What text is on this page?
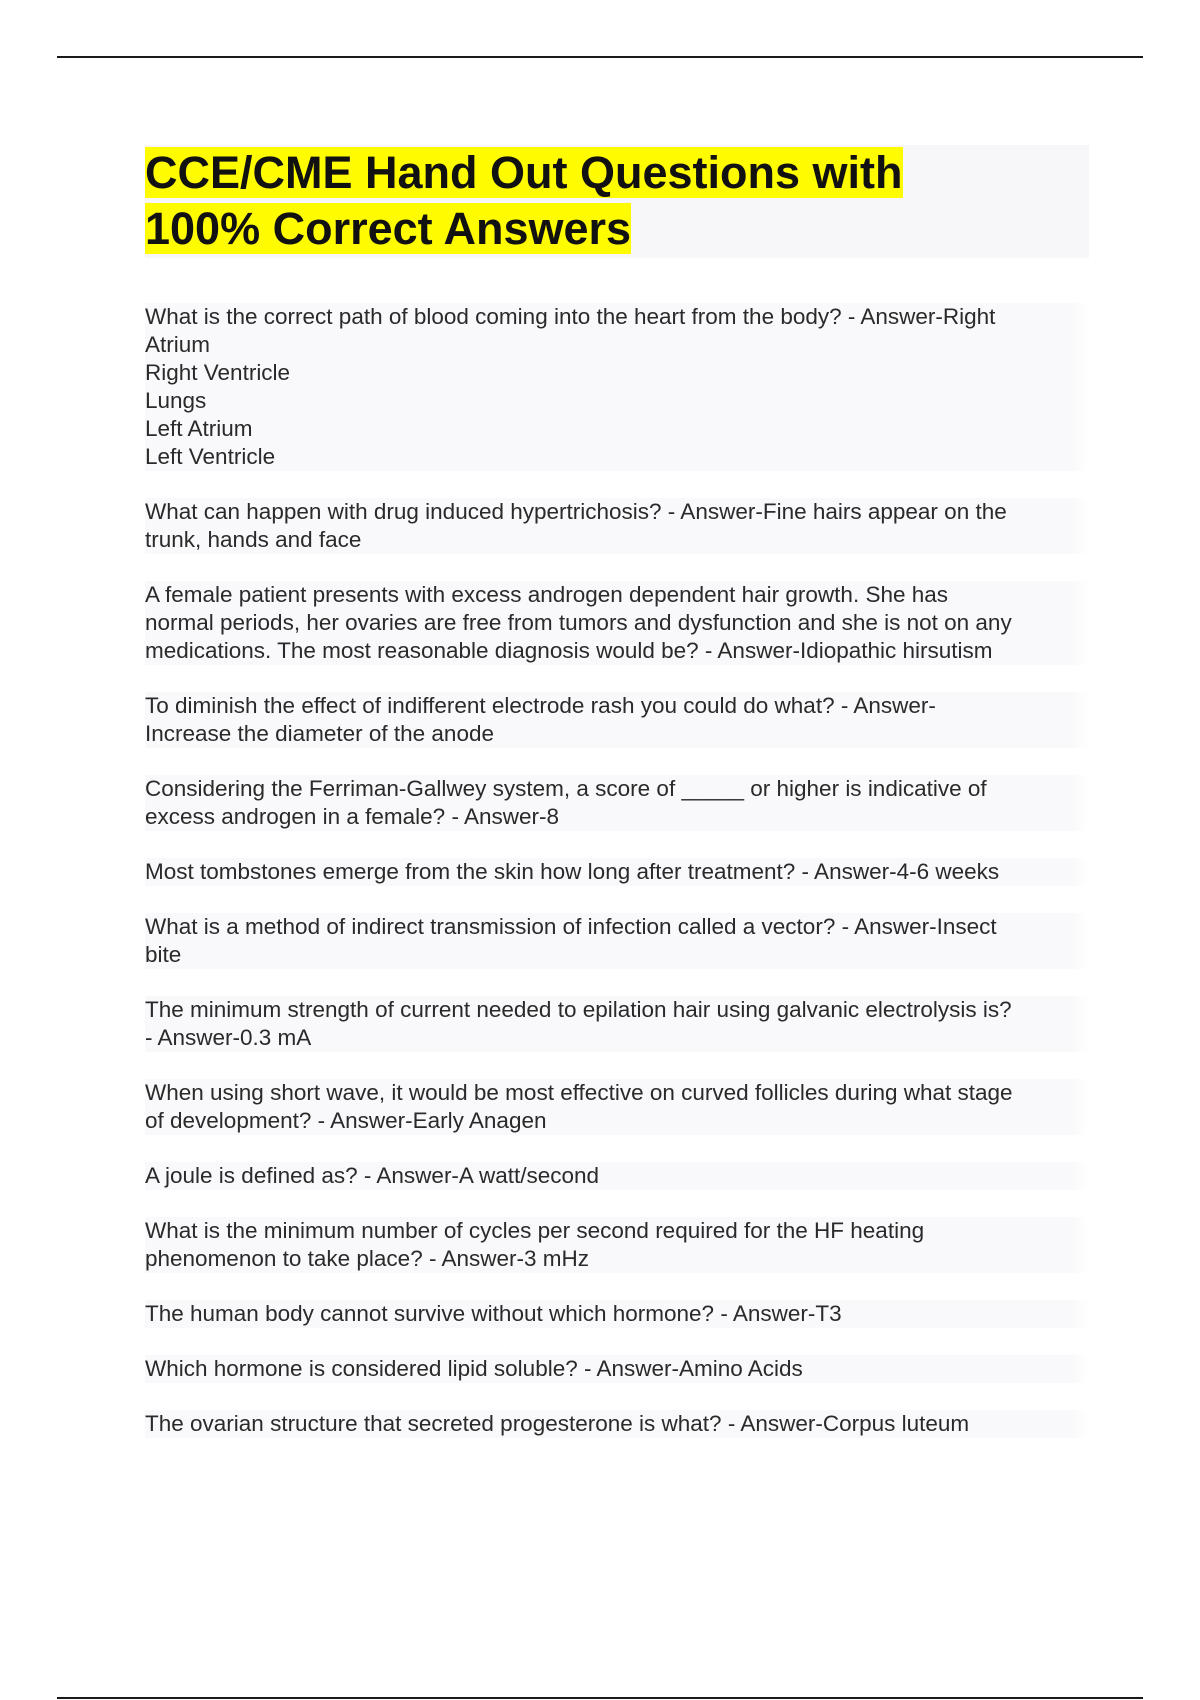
CCE/CME Hand Out Questions with
100% Correct Answers
What is the correct path of blood coming into the heart from the body? - Answer-Right
Atrium
Right Ventricle
Lungs
Left Atrium
Left Ventricle
What can happen with drug induced hypertrichosis? - Answer-Fine hairs appear on the
trunk, hands and face
A female patient presents with excess androgen dependent hair growth. She has
normal periods, her ovaries are free from tumors and dysfunction and she is not on any
medications. The most reasonable diagnosis would be? - Answer-Idiopathic hirsutism
To diminish the effect of indifferent electrode rash you could do what? - Answer-
Increase the diameter of the anode
Considering the Ferriman-Gallwey system, a score of _____ or higher is indicative of
excess androgen in a female? - Answer-8
Most tombstones emerge from the skin how long after treatment? - Answer-4-6 weeks
What is a method of indirect transmission of infection called a vector? - Answer-Insect
bite
The minimum strength of current needed to epilation hair using galvanic electrolysis is?
- Answer-0.3 mA
When using short wave, it would be most effective on curved follicles during what stage
of development? - Answer-Early Anagen
A joule is defined as? - Answer-A watt/second
What is the minimum number of cycles per second required for the HF heating
phenomenon to take place? - Answer-3 mHz
The human body cannot survive without which hormone? - Answer-T3
Which hormone is considered lipid soluble? - Answer-Amino Acids
The ovarian structure that secreted progesterone is what? - Answer-Corpus luteum
